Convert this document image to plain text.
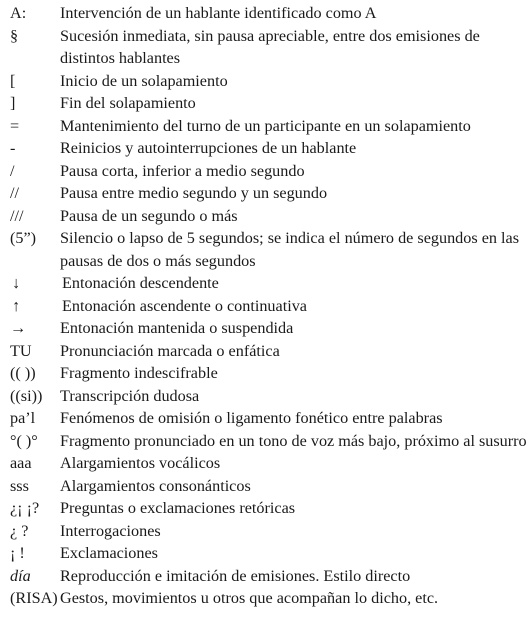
A:	Intervención de un hablante identificado como A
§	Sucesión inmediata, sin pausa apreciable, entre dos emisiones de distintos hablantes
[	Inicio de un solapamiento
]	Fin del solapamiento
=	Mantenimiento del turno de un participante en un solapamiento
-	Reinicios y autointerrupciones de un hablante
/	Pausa corta, inferior a medio segundo
//	Pausa entre medio segundo y un segundo
///	Pausa de un segundo o más
(5”)	Silencio o lapso de 5 segundos; se indica el número de segundos en las pausas de dos o más segundos
↓	Entonación descendente
↑	Entonación ascendente o continuativa
→	Entonación mantenida o suspendida
TU	Pronunciación marcada o enfática
(( ))	Fragmento indescifrable
((si))	Transcripción dudosa
pa’l	Fenómenos de omisión o ligamento fonético entre palabras
°( )°	Fragmento pronunciado en un tono de voz más bajo, próximo al susurro
aaa	Alargamientos vocálicos
sss	Alargamientos consonánticos
¿¡ ¡?	Preguntas o exclamaciones retóricas
¿ ?	Interrogaciones
¡ !	Exclamaciones
día	Reproducción e imitación de emisiones. Estilo directo
(RISA) Gestos, movimientos u otros que acompañan lo dicho, etc.
